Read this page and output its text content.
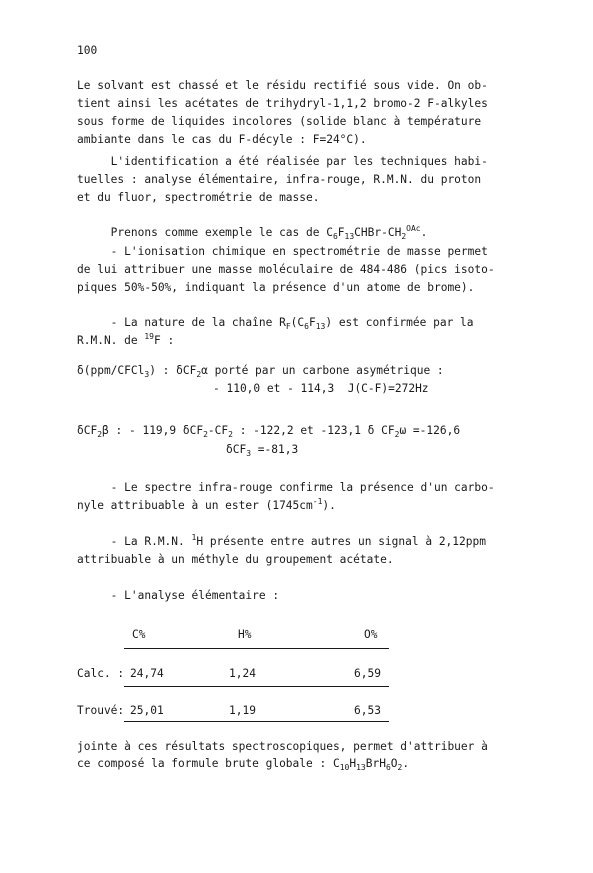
100
Le solvant est chassé et le résidu rectifié sous vide. On ob-
tient ainsi les acétates de trihydryl-1,1,2 bromo-2 F-alkyles
sous forme de liquides incolores (solide blanc à température
ambiante dans le cas du F-décyle : F=24°C).
L'identification a été réalisée par les techniques habi-
tuelles : analyse élémentaire, infra-rouge, R.M.N. du proton
et du fluor, spectrométrie de masse.
Prenons comme exemple le cas de $C_6F_{13}CHBr-CH_2^{OAc}$.
- L'ionisation chimique en spectrométrie de masse permet
de lui attribuer une masse moléculaire de 484-486 (pics isoto-
piques 50%-50%, indiquant la présence d'un atome de brome).
- La nature de la chaîne $R_F(C_6F_{13})$ est confirmée par la
R.M.N. de $^{19}$F :
δ(ppm/CFCl$_3$) : δCF$_2$α porté par un carbone asymétrique :
- 110,0 et - 114,3  J(C-F)=272Hz
δCF$_2$β : - 119,9 $\delta CF_2-CF_2$ : -122,2 et -123,1 δ $CF_2\omega =-126,6$
δCF$_3$ =-81,3
- Le spectre infra-rouge confirme la présence d'un carbo-
nyle attribuable à un ester $(1745cm^{-1})$.
- La R.M.N. $^1$H présente entre autres un signal à 2,12ppm
attribuable à un méthyle du groupement acétate.
- L'analyse élémentaire :
C%	H%	O%
Calc. : 24,74	1,24	6,59
Trouvé: 25,01	1,19	6,53
jointe à ces résultats spectroscopiques, permet d'attribuer à
ce composé la formule brute globale : $C_{10}H_{13}BrH_6O_2$.
